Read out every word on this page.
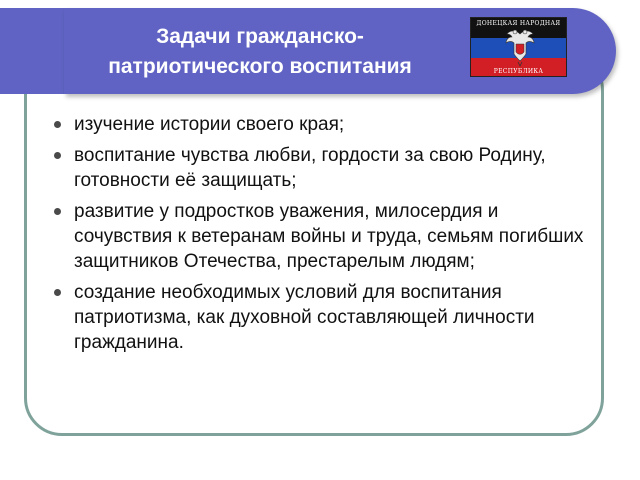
Задачи гражданско-
патриотического воспитания
ДОНЕЦКАЯ НАРОДНАЯ
РЕСПУБЛИКА
изучение истории своего края;
воспитание чувства любви, гордости за свою Родину, готовности её защищать;
развитие у подростков уважения, милосердия и сочувствия к ветеранам войны и труда, семьям погибших защитников Отечества, престарелым людям;
создание необходимых условий для воспитания патриотизма, как духовной составляющей личности гражданина.
